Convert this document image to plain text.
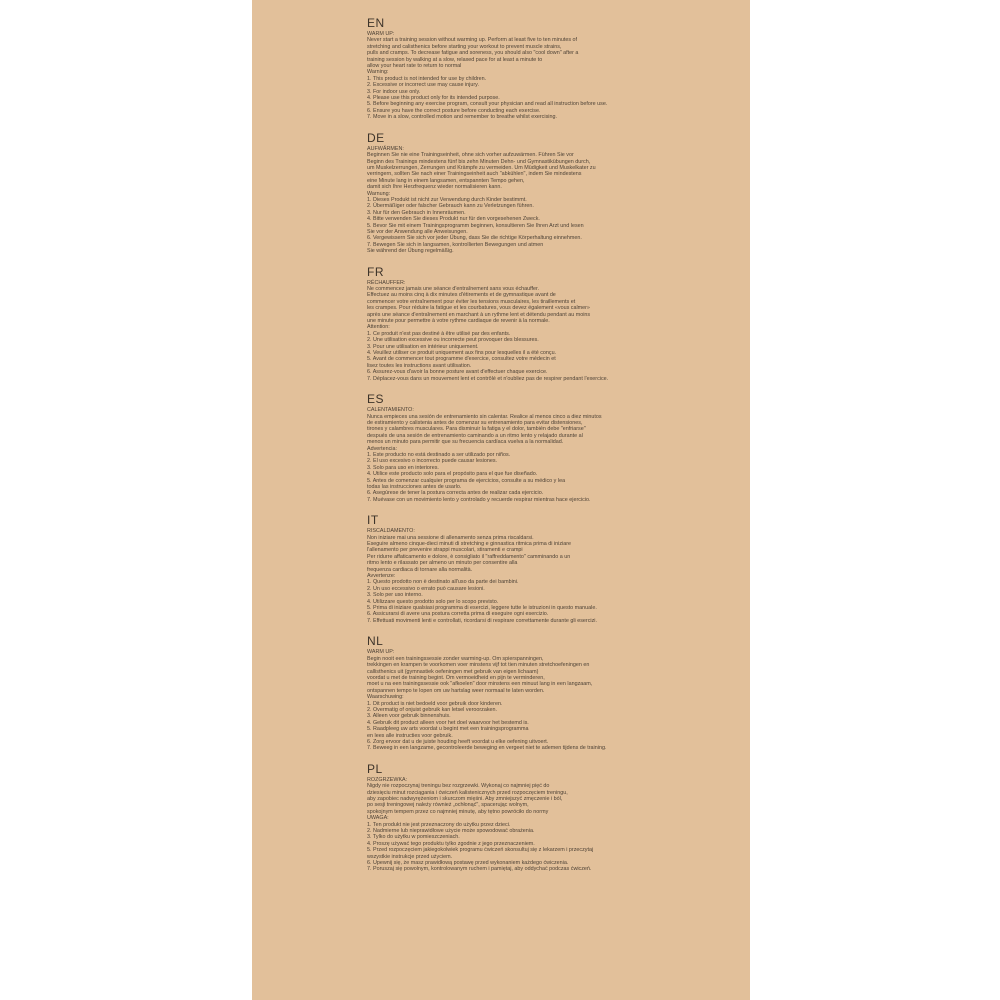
EN
WARM UP:
Never start a training session without warming up. Perform at least five to ten minutes of
stretching and calisthenics before starting your workout to prevent muscle strains,
pulls and cramps. To decrease fatigue and soreness, you should also "cool down" after a
training session by walking at a slow, relaxed pace for at least a minute to
allow your heart rate to return to normal
Warning:
1. This product is not intended for use by children.
2. Excessive or incorrect use may cause injury.
3. For indoor use only.
4. Please use this product only for its intended purpose.
5. Before beginning any exercise program, consult your physician and read all instruction before use.
6. Ensure you have the correct posture before conducting each exercise.
7. Move in a slow, controlled motion and remember to breathe whilst exercising.
DE
AUFWÄRMEN:
Beginnen Sie nie eine Trainingseinheit, ohne sich vorher aufzuwärmen. Führen Sie vor
Beginn des Trainings mindestens fünf bis zehn Minuten Dehn- und Gymnastikübungen durch,
um Muskelzerrungen, Zerrungen und Krämpfe zu vermeiden. Um Müdigkeit und Muskelkater zu
verringern, sollten Sie nach einer Trainingseinheit auch "abkühlen", indem Sie mindestens
eine Minute lang in einem langsamen, entspannten Tempo gehen,
damit sich Ihre Herzfrequenz wieder normalisieren kann.
Warnung:
1. Dieses Produkt ist nicht zur Verwendung durch Kinder bestimmt.
2. Übermäßiger oder falscher Gebrauch kann zu Verletzungen führen.
3. Nur für den Gebrauch in Innenräumen.
4. Bitte verwenden Sie dieses Produkt nur für den vorgesehenen Zweck.
5. Bevor Sie mit einem Trainingsprogramm beginnen, konsultieren Sie Ihren Arzt und lesen
Sie vor der Anwendung alle Anweisungen.
6. Vergewissern Sie sich vor jeder Übung, dass Sie die richtige Körperhaltung einnehmen.
7. Bewegen Sie sich in langsamen, kontrollierten Bewegungen und atmen
Sie während der Übung regelmäßig.
FR
RÉCHAUFFER:
Ne commencez jamais une séance d'entraînement sans vous échauffer.
Effectuez au moins cinq à dix minutes d'étirements et de gymnastique avant de
commencer votre entraînement pour éviter les tensions musculaires, les tiraillements et
les crampes. Pour réduire la fatigue et les courbatures, vous devez également «vous calmer»
après une séance d'entraînement en marchant à un rythme lent et détendu pendant au moins
une minute pour permettre à votre rythme cardiaque de revenir à la normale.
Attention:
1. Ce produit n'est pas destiné à être utilisé par des enfants.
2. Une utilisation excessive ou incorrecte peut provoquer des blessures.
3. Pour une utilisation en intérieur uniquement.
4. Veuillez utiliser ce produit uniquement aux fins pour lesquelles il a été conçu.
5. Avant de commencer tout programme d'exercice, consultez votre médecin et
lisez toutes les instructions avant utilisation.
6. Assurez-vous d'avoir la bonne posture avant d'effectuer chaque exercice.
7. Déplacez-vous dans un mouvement lent et contrôlé et n'oubliez pas de respirer pendant l'exercice.
ES
CALENTAMIENTO:
Nunca empieces una sesión de entrenamiento sin calentar. Realice al menos cinco a diez minutos
de estiramiento y calistenia antes de comenzar su entrenamiento para evitar distensiones,
tirones y calambres musculares. Para disminuir la fatiga y el dolor, también debe "enfriarse"
después de una sesión de entrenamiento caminando a un ritmo lento y relajado durante al
menos un minuto para permitir que su frecuencia cardíaca vuelva a la normalidad.
Advertencia:
1. Este producto no está destinado a ser utilizado por niños.
2. El uso excesivo o incorrecto puede causar lesiones.
3. Solo para uso en interiores.
4. Utilice este producto solo para el propósito para el que fue diseñado.
5. Antes de comenzar cualquier programa de ejercicios, consulte a su médico y lea
todas las instrucciones antes de usarlo.
6. Asegúrese de tener la postura correcta antes de realizar cada ejercicio.
7. Muévase con un movimiento lento y controlado y recuerde respirar mientras hace ejercicio.
IT
RISCALDAMENTO:
Non iniziare mai una sessione di allenamento senza prima riscaldarsi.
Eseguire almeno cinque-dieci minuti di stretching e ginnastica ritmica prima di iniziare
l'allenamento per prevenire strappi muscolari, stiramenti e crampi
Per ridurre affaticamento e dolore, è consigliato il "raffreddamento" camminando a un
ritmo lento e rilassato per almeno un minuto per consentire alla
frequenza cardiaca di tornare alla normalità.
Avvertenze:
1. Questo prodotto non è destinato all'uso da parte dei bambini.
2. Un uso eccessivo o errato può causare lesioni.
3. Solo per uso interno.
4. Utilizzare questo prodotto solo per lo scopo previsto.
5. Prima di iniziare qualsiasi programma di esercizi, leggere tutte le istruzioni in questo manuale.
6. Assicurarsi di avere una postura corretta prima di eseguire ogni esercizio.
7. Effettuati movimenti lenti e controllati, ricordarsi di respirare correttamente durante gli esercizi.
NL
WARM UP:
Begin nooit een trainingssessie zonder warming-up. Om spierspanningen,
trekkingen en krampen te voorkomen voer minstens vijf tot tien minuten stretchoefeningen en
callisthenics uit (gymnastiek oefeningen met gebruik van eigen lichaam)
voordat u met de training begint. Om vermoeidheid en pijn te verminderen,
moet u na een trainingssessie ook "afkoelen" door minstens een minuut lang in een langzaam,
ontspannen tempo te lopen om uw hartslag weer normaal te laten worden.
Waarschuwing:
1. Dit product is niet bedoeld voor gebruik door kinderen.
2. Overmatig of onjuist gebruik kan letsel veroorzaken.
3. Alleen voor gebruik binnenshuis.
4. Gebruik dit product alleen voor het doel waarvoor het bestemd is.
5. Raadpleeg uw arts voordat u begint met een trainingsprogramma
en lees alle instructies voor gebruik.
6. Zorg ervoor dat u de juiste houding heeft voordat u elke oefening uitvoert.
7. Beweeg in een langzame, gecontroleerde beweging en vergeet niet te ademen tijdens de training.
PL
ROZGRZEWKA:
Nigdy nie rozpoczynaj treningu bez rozgrzewki. Wykonaj co najmniej pięć do
dziesięciu minut rozciągania i ćwiczeń kalistenicznych przed rozpoczęciem treningu,
aby zapobiec nadwyrężeniom i skurczom mięśni. Aby zmniejszyć zmęczenie i ból,
po sesji treningowej należy również „ochłonąć", spacerując wolnym,
spokojnym tempem przez co najmniej minutę, aby tętno powróciło do normy
UWAGA:
1. Ten produkt nie jest przeznaczony do użytku przez dzieci.
2. Nadmierne lub nieprawidłowe użycie może spowodować obrażenia.
3. Tylko do użytku w pomieszczeniach.
4. Proszę używać tego produktu tylko zgodnie z jego przeznaczeniem.
5. Przed rozpoczęciem jakiegokolwiek programu ćwiczeń skonsultuj się z lekarzem i przeczytaj
wszystkie instrukcje przed użyciem.
6. Upewnij się, że masz prawidłową postawę przed wykonaniem każdego ćwiczenia.
7. Poruszaj się powolnym, kontrolowanym ruchem i pamiętaj, aby oddychać podczas ćwiczeń.
